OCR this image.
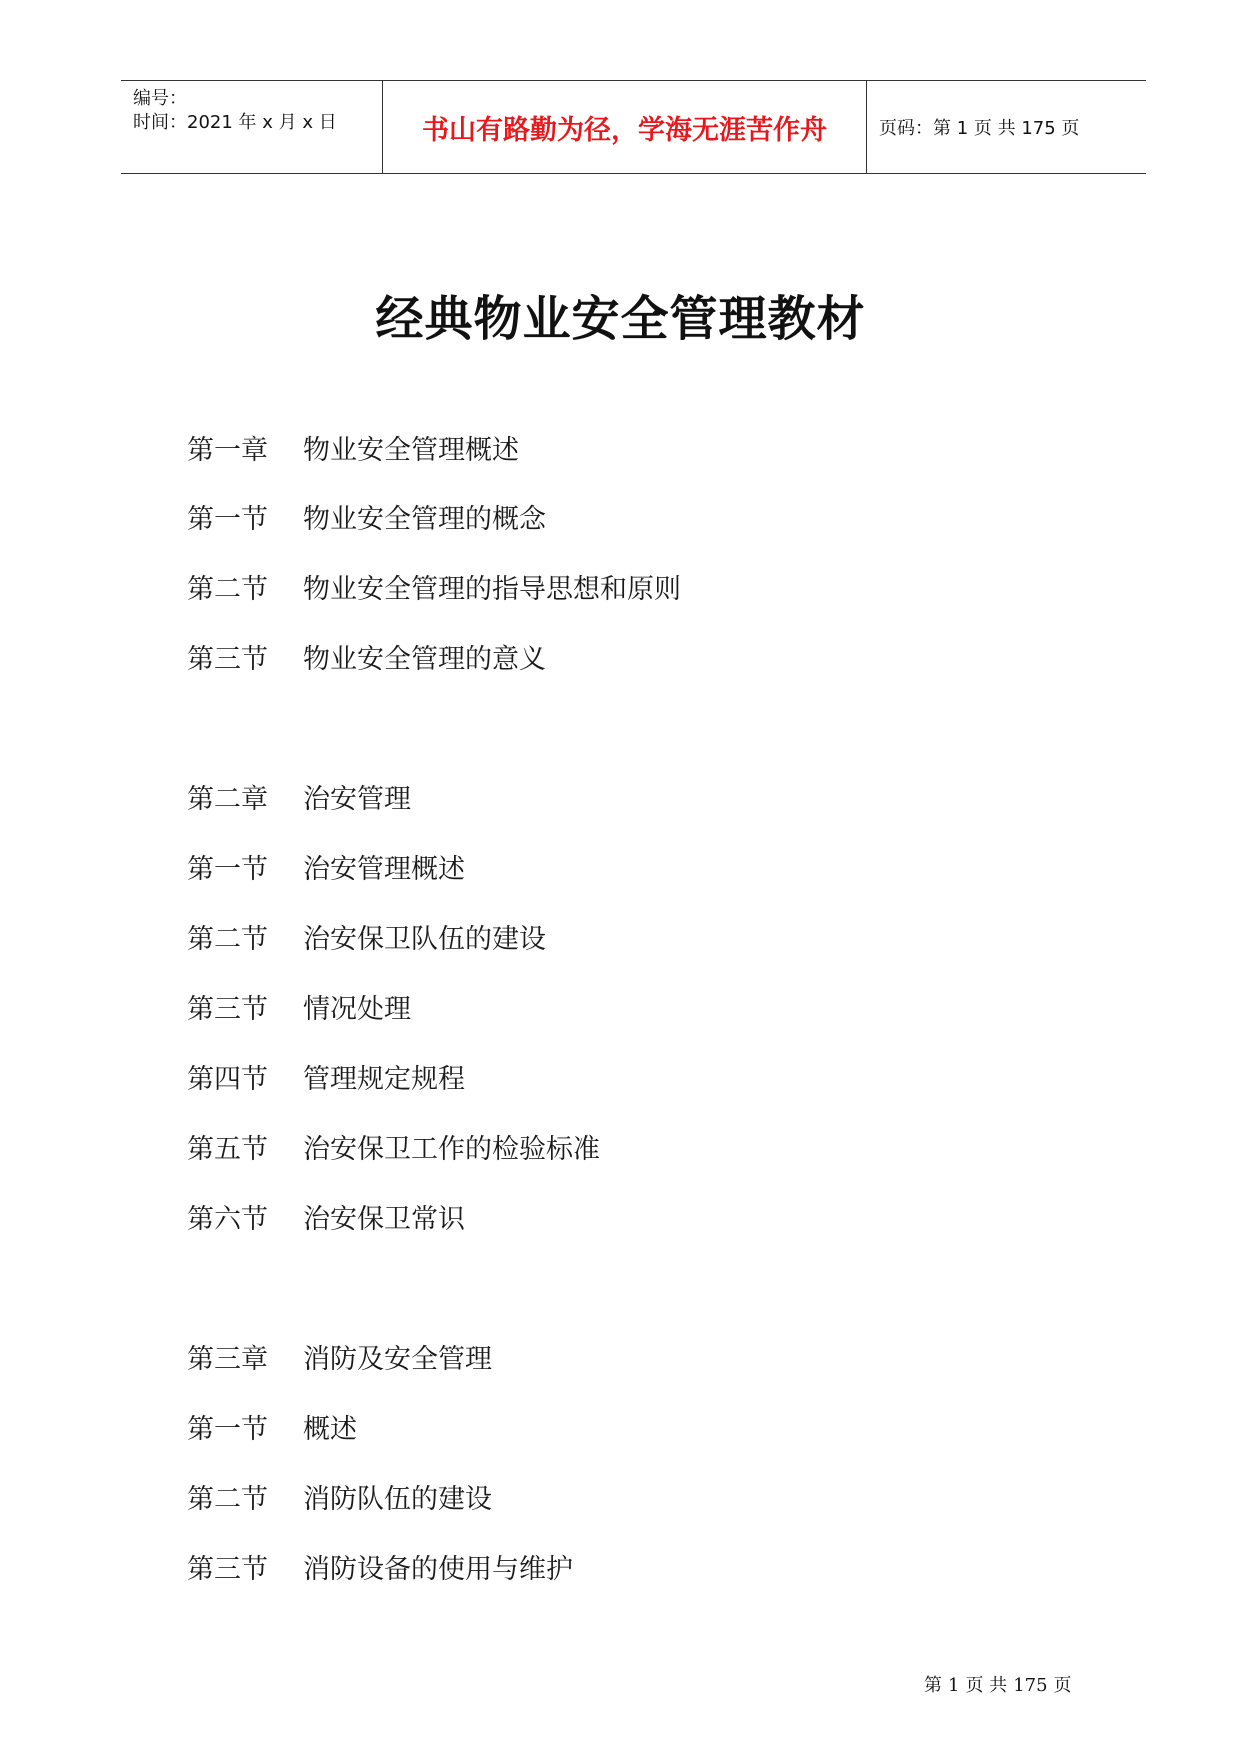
编号：
时间：2021 年 x 月 x 日	书山有路勤为径，学海无涯苦作舟	页码：第 1 页 共 175 页
经典物业安全管理教材
第一章 物业安全管理概述
第一节 物业安全管理的概念
第二节 物业安全管理的指导思想和原则
第三节 物业安全管理的意义
第二章 治安管理
第一节 治安管理概述
第二节 治安保卫队伍的建设
第三节 情况处理
第四节 管理规定规程
第五节 治安保卫工作的检验标准
第六节 治安保卫常识
第三章 消防及安全管理
第一节 概述
第二节 消防队伍的建设
第三节 消防设备的使用与维护
第 1 页 共 175 页
